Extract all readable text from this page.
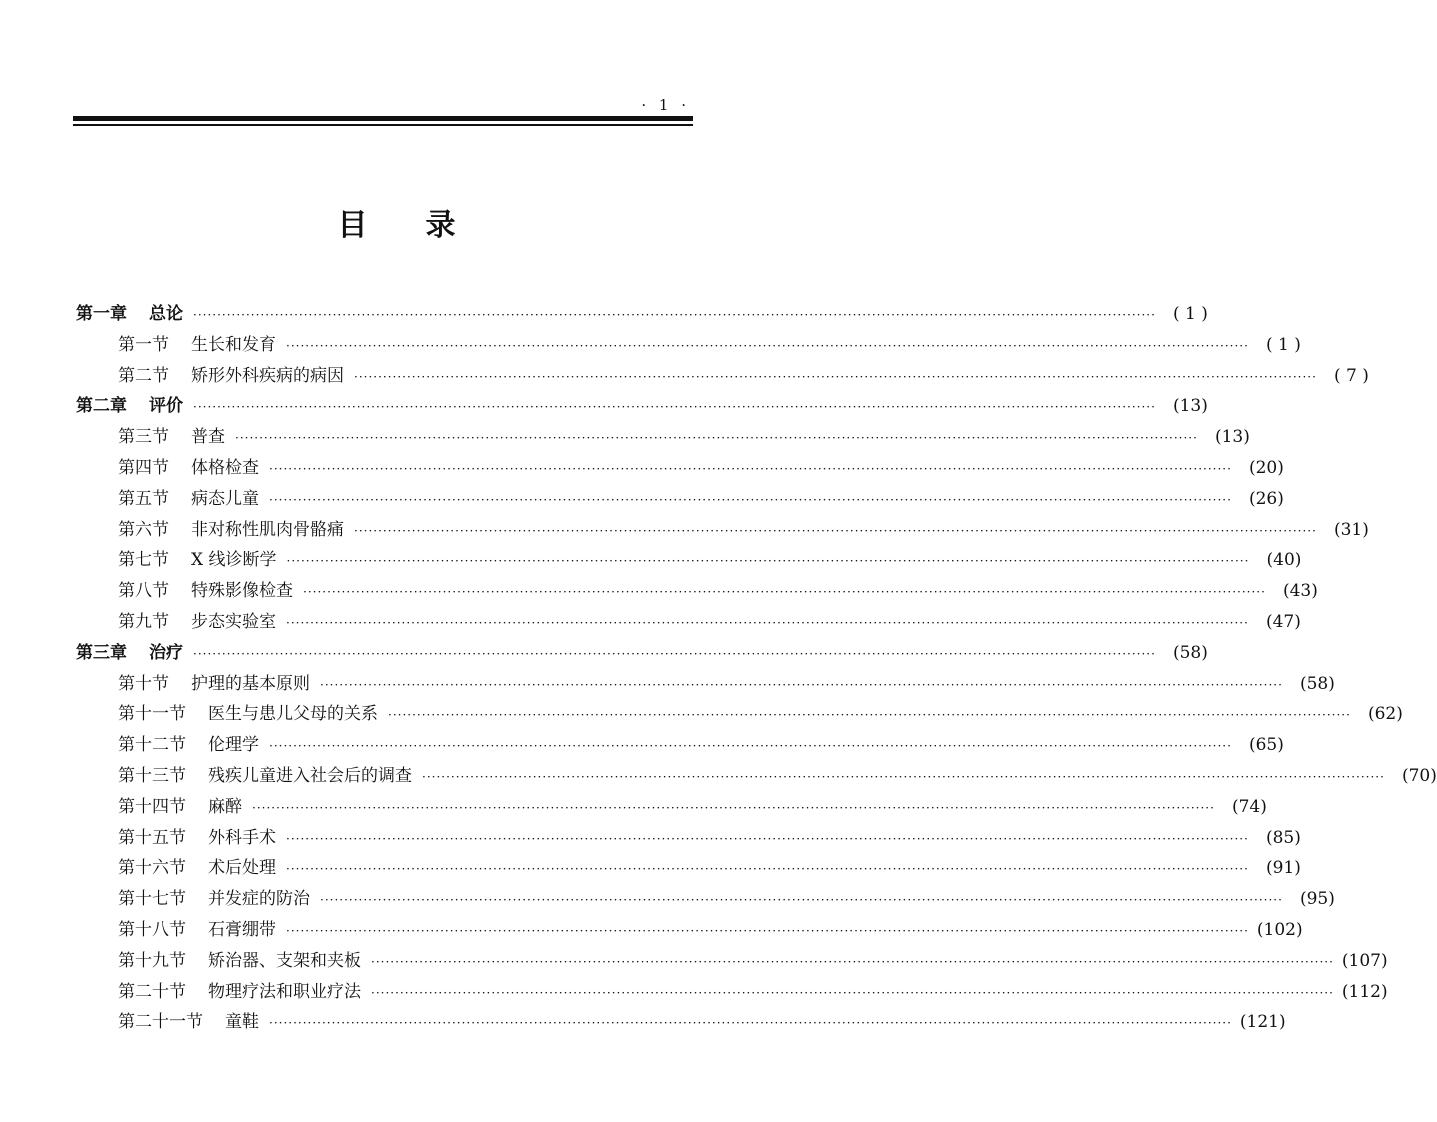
· 1 ·
目录
第一章 总论 ········································································································································································································	( 1 )
第一节 生长和发育 ········································································································································································································	( 1 )
第二节 矫形外科疾病的病因 ········································································································································································································	( 7 )
第二章 评价 ········································································································································································································	(13)
第三节 普查 ········································································································································································································	(13)
第四节 体格检查 ········································································································································································································	(20)
第五节 病态儿童 ········································································································································································································	(26)
第六节 非对称性肌肉骨骼痛 ········································································································································································································	(31)
第七节 X 线诊断学 ········································································································································································································	(40)
第八节 特殊影像检查 ········································································································································································································	(43)
第九节 步态实验室 ········································································································································································································	(47)
第三章 治疗 ········································································································································································································	(58)
第十节 护理的基本原则 ········································································································································································································	(58)
第十一节 医生与患儿父母的关系 ········································································································································································································	(62)
第十二节 伦理学 ········································································································································································································	(65)
第十三节 残疾儿童进入社会后的调查 ········································································································································································································	(70)
第十四节 麻醉 ········································································································································································································	(74)
第十五节 外科手术 ········································································································································································································	(85)
第十六节 术后处理 ········································································································································································································	(91)
第十七节 并发症的防治 ········································································································································································································	(95)
第十八节 石膏绷带 ········································································································································································································ (102)
第十九节 矫治器、支架和夹板 ········································································································································································································ (107)
第二十节 物理疗法和职业疗法 ········································································································································································································ (112)
第二十一节 童鞋 ········································································································································································································ (121)
